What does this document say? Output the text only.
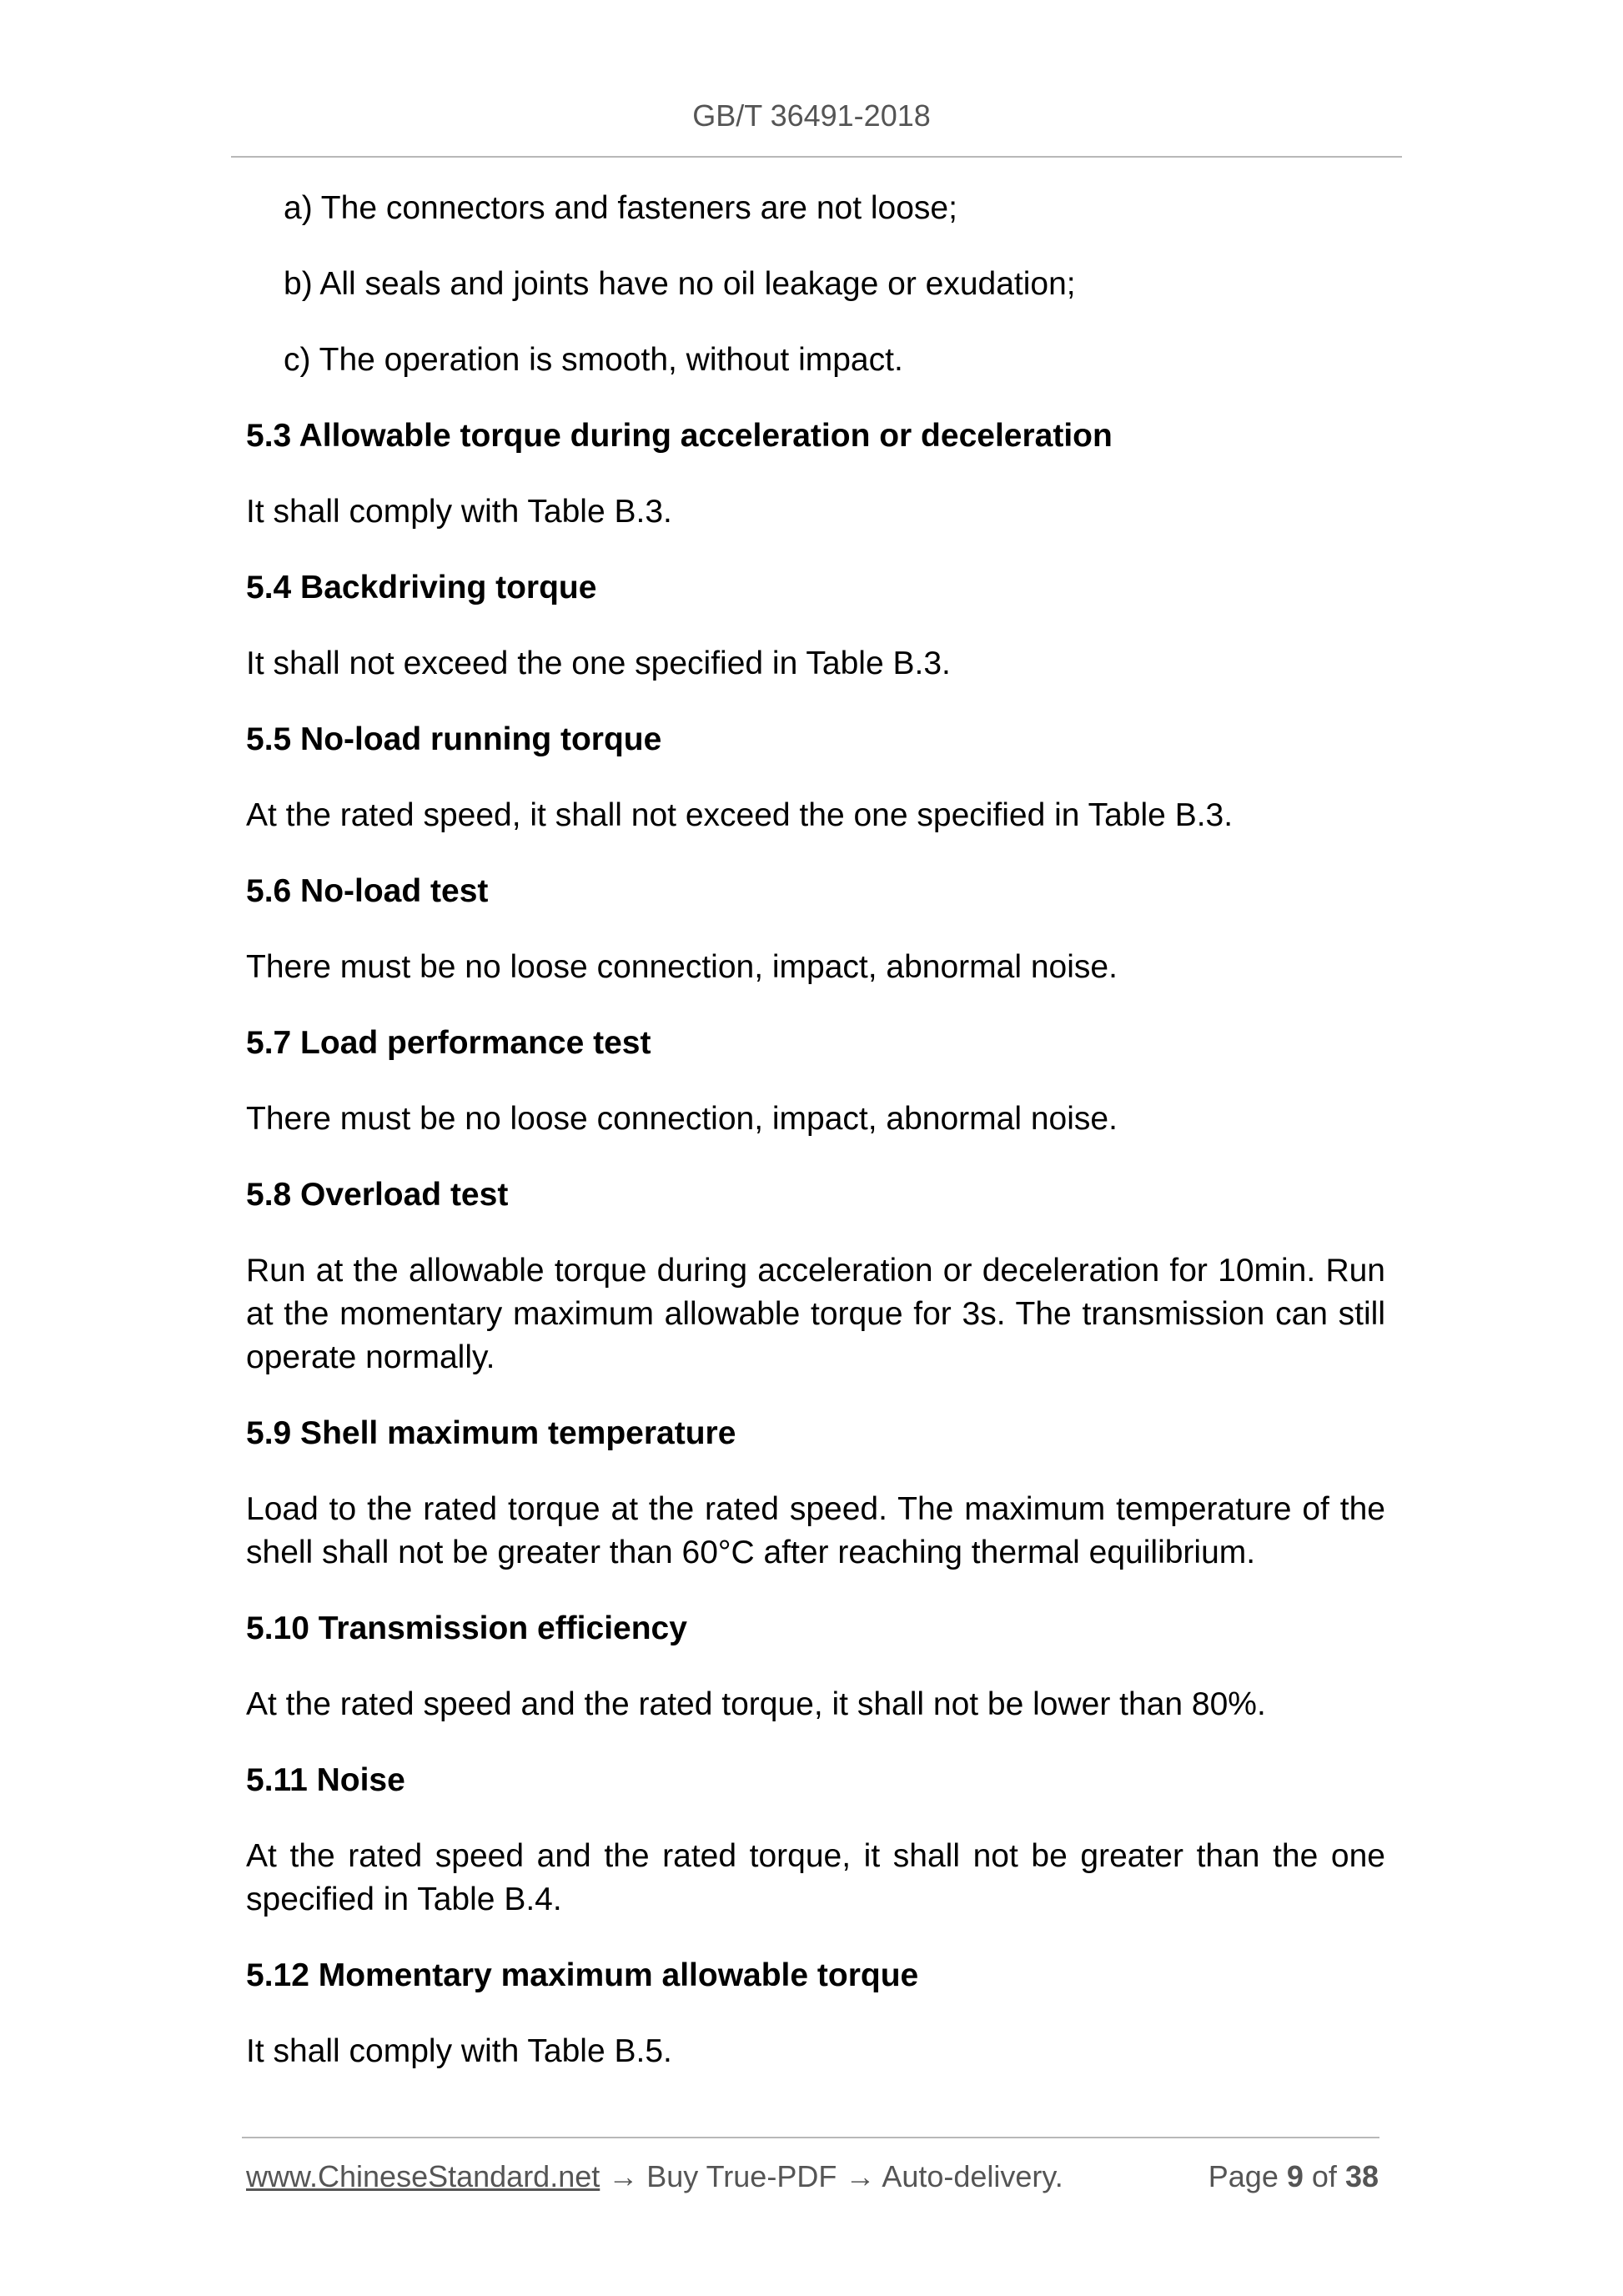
GB/T 36491-2018
a) The connectors and fasteners are not loose;
b) All seals and joints have no oil leakage or exudation;
c) The operation is smooth, without impact.
5.3 Allowable torque during acceleration or deceleration
It shall comply with Table B.3.
5.4 Backdriving torque
It shall not exceed the one specified in Table B.3.
5.5 No-load running torque
At the rated speed, it shall not exceed the one specified in Table B.3.
5.6 No-load test
There must be no loose connection, impact, abnormal noise.
5.7 Load performance test
There must be no loose connection, impact, abnormal noise.
5.8 Overload test
Run at the allowable torque during acceleration or deceleration for 10min. Run at the momentary maximum allowable torque for 3s. The transmission can still operate normally.
5.9 Shell maximum temperature
Load to the rated torque at the rated speed. The maximum temperature of the shell shall not be greater than 60°C after reaching thermal equilibrium.
5.10 Transmission efficiency
At the rated speed and the rated torque, it shall not be lower than 80%.
5.11 Noise
At the rated speed and the rated torque, it shall not be greater than the one specified in Table B.4.
5.12 Momentary maximum allowable torque
It shall comply with Table B.5.
www.ChineseStandard.net → Buy True-PDF → Auto-delivery.	Page 9 of 38
